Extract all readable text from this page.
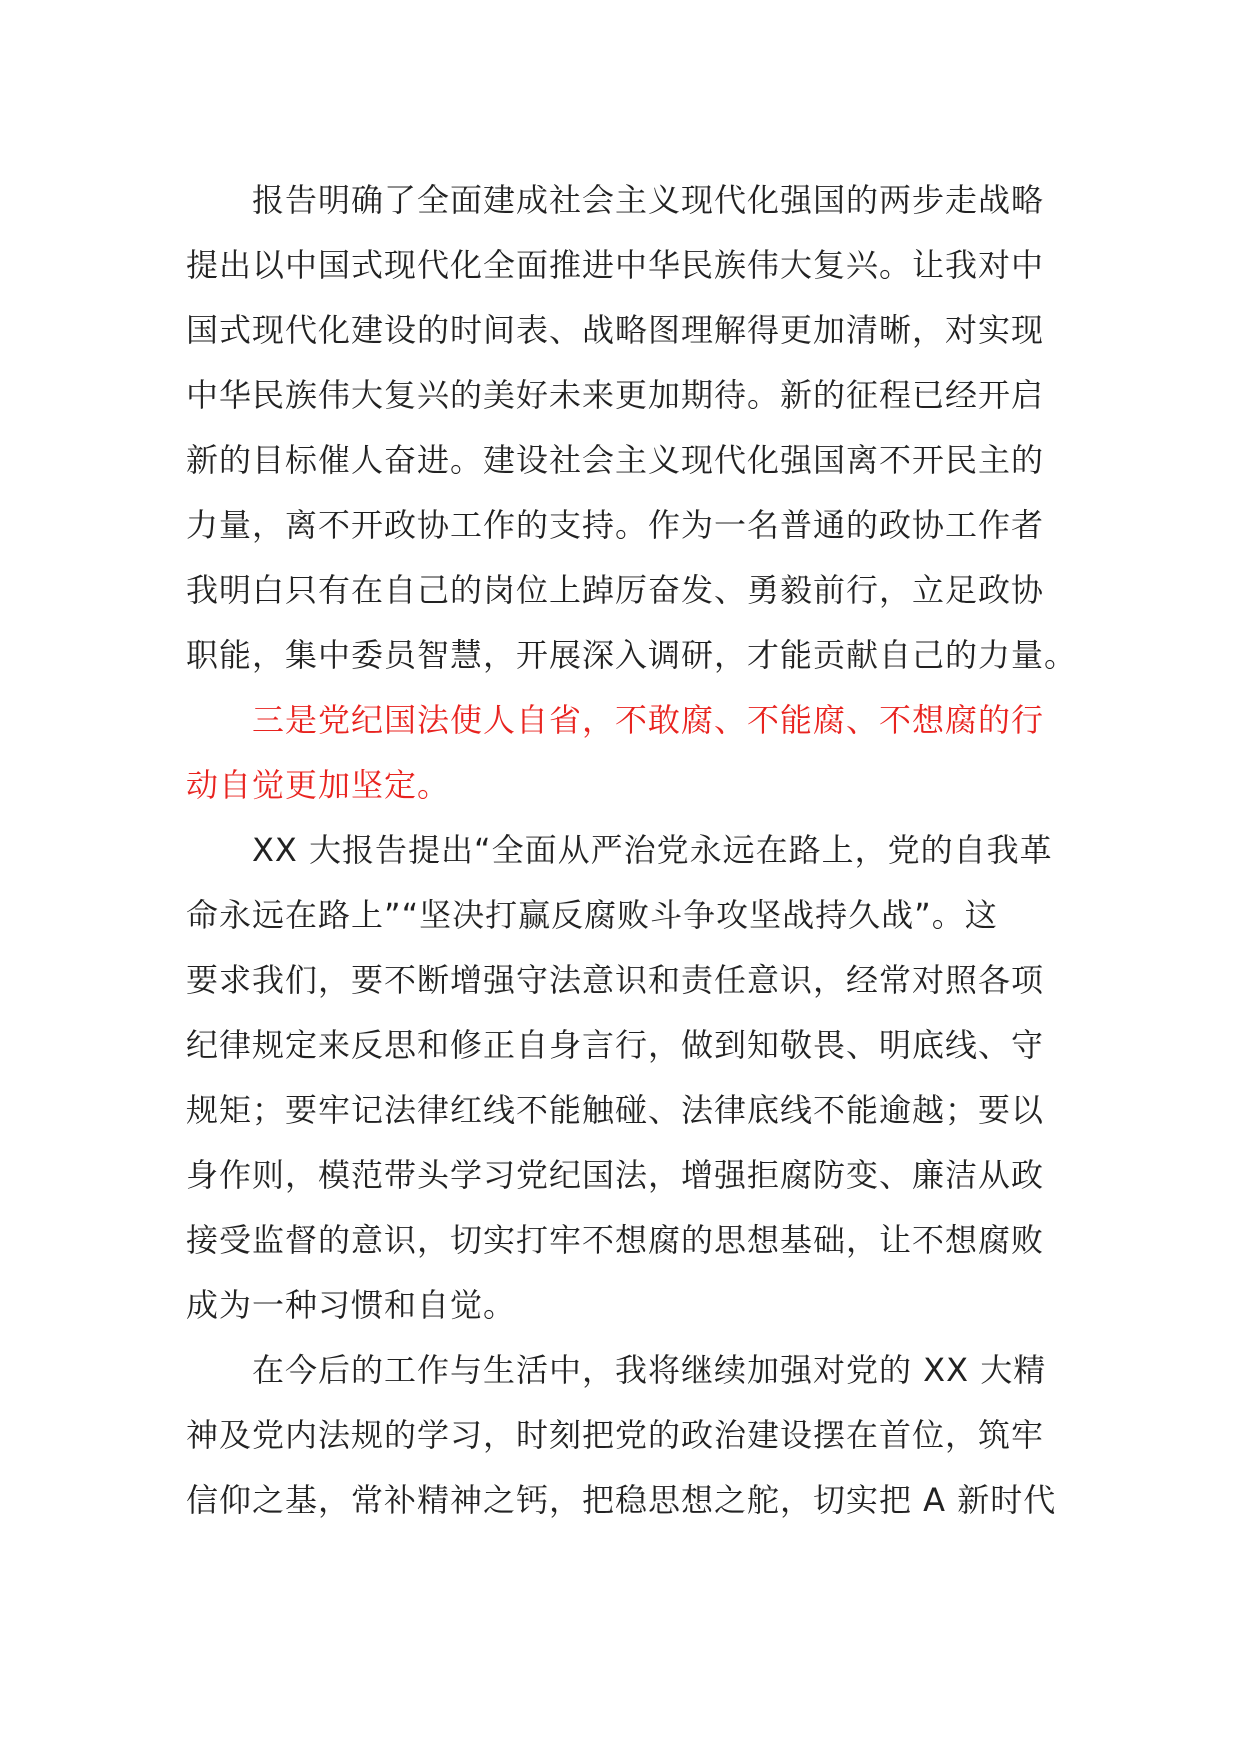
报告明确了全面建成社会主义现代化强国的两步走战略
提出以中国式现代化全面推进中华民族伟大复兴。让我对中
国式现代化建设的时间表、战略图理解得更加清晰，对实现
中华民族伟大复兴的美好未来更加期待。新的征程已经开启
新的目标催人奋进。建设社会主义现代化强国离不开民主的
力量，离不开政协工作的支持。作为一名普通的政协工作者
我明白只有在自己的岗位上踔厉奋发、勇毅前行，立足政协
职能，集中委员智慧，开展深入调研，才能贡献自己的力量。

三是党纪国法使人自省，不敢腐、不能腐、不想腐的行
动自觉更加坚定。

XX 大报告提出“全面从严治党永远在路上，党的自我革
命永远在路上”“坚决打赢反腐败斗争攻坚战持久战”。这
要求我们，要不断增强守法意识和责任意识，经常对照各项
纪律规定来反思和修正自身言行，做到知敬畏、明底线、守
规矩；要牢记法律红线不能触碰、法律底线不能逾越；要以
身作则，模范带头学习党纪国法，增强拒腐防变、廉洁从政
接受监督的意识，切实打牢不想腐的思想基础，让不想腐败
成为一种习惯和自觉。

在今后的工作与生活中，我将继续加强对党的 XX 大精
神及党内法规的学习，时刻把党的政治建设摆在首位，筑牢
信仰之基，常补精神之钙，把稳思想之舵，切实把 A 新时代
